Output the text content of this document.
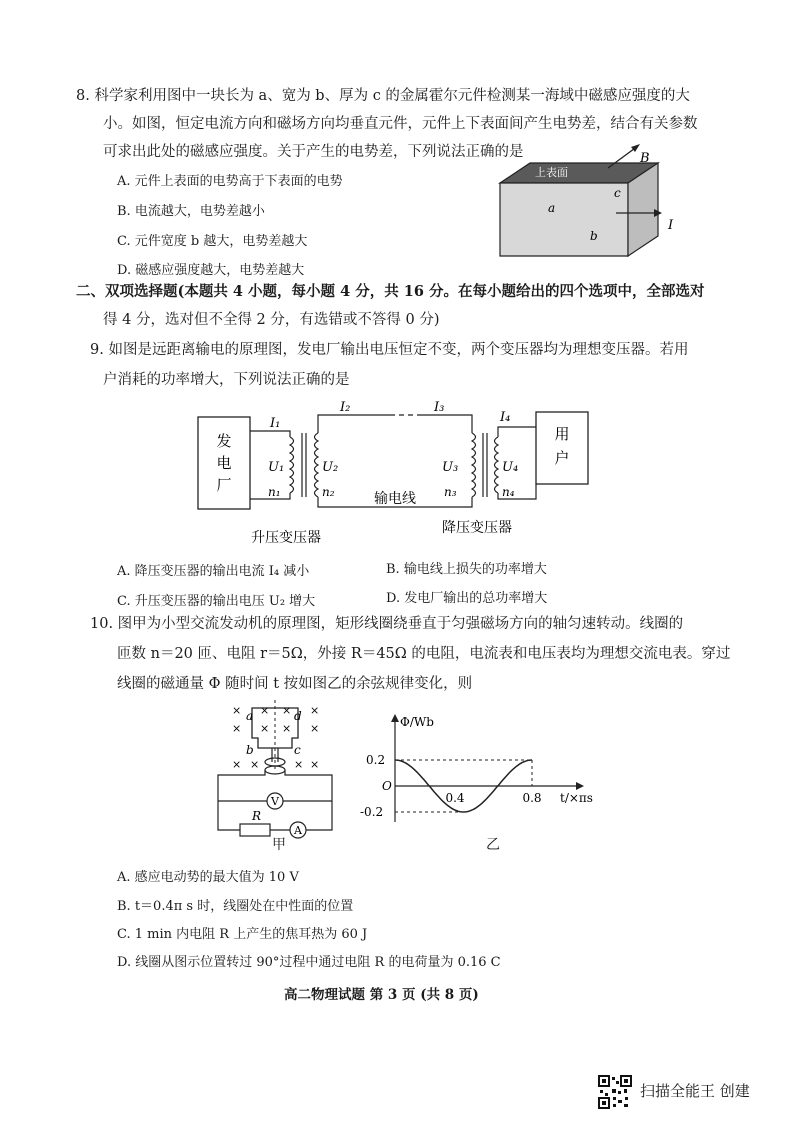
8. 科学家利用图中一块长为 a、宽为 b、厚为 c 的金属霍尔元件检测某一海域中磁感应强度的大
小。如图，恒定电流方向和磁场方向均垂直元件，元件上下表面间产生电势差，结合有关参数
可求出此处的磁感应强度。关于产生的电势差，下列说法正确的是
A. 元件上表面的电势高于下表面的电势
B. 电流越大，电势差越小
C. 元件宽度 b 越大，电势差越大
D. 磁感应强度越大，电势差越大
上表面
a
c
b
B
I
二、双项选择题(本题共 4 小题，每小题 4 分，共 16 分。在每小题给出的四个选项中，全部选对
得 4 分，选对但不全得 2 分，有选错或不答得 0 分)
9. 如图是远距离输电的原理图，发电厂输出电压恒定不变，两个变压器均为理想变压器。若用
户消耗的功率增大，下列说法正确的是
发
电
厂
用
户
I₁
I₂	I₃
I₄
U₁	U₂	U₃	U₄
n₁	n₂	n₃	n₄
输电线
升压变压器
降压变压器
A. 降压变压器的输出电流 I₄ 减小	B. 输电线上损失的功率增大
C. 升压变压器的输出电压 U₂ 增大	D. 发电厂输出的总功率增大
10. 图甲为小型交流发动机的原理图，矩形线圈绕垂直于匀强磁场方向的轴匀速转动。线圈的
匝数 n＝20 匝、电阻 r＝5Ω，外接 R＝45Ω 的电阻，电流表和电压表均为理想交流电表。穿过
线圈的磁通量 Φ 随时间 t 按如图乙的余弦规律变化，则
× × × ×
× × × ×
× ×	× ×
a	d
b	c
V
R
A
甲
Φ/Wb
0.2
O
-0.2
0.4	0.8 t/×πs
乙
A. 感应电动势的最大值为 10 V
B. t＝0.4π s 时，线圈处在中性面的位置
C. 1 min 内电阻 R 上产生的焦耳热为 60 J
D. 线圈从图示位置转过 90°过程中通过电阻 R 的电荷量为 0.16 C
高二物理试题 第 3 页 (共 8 页)
扫描全能王 创建
